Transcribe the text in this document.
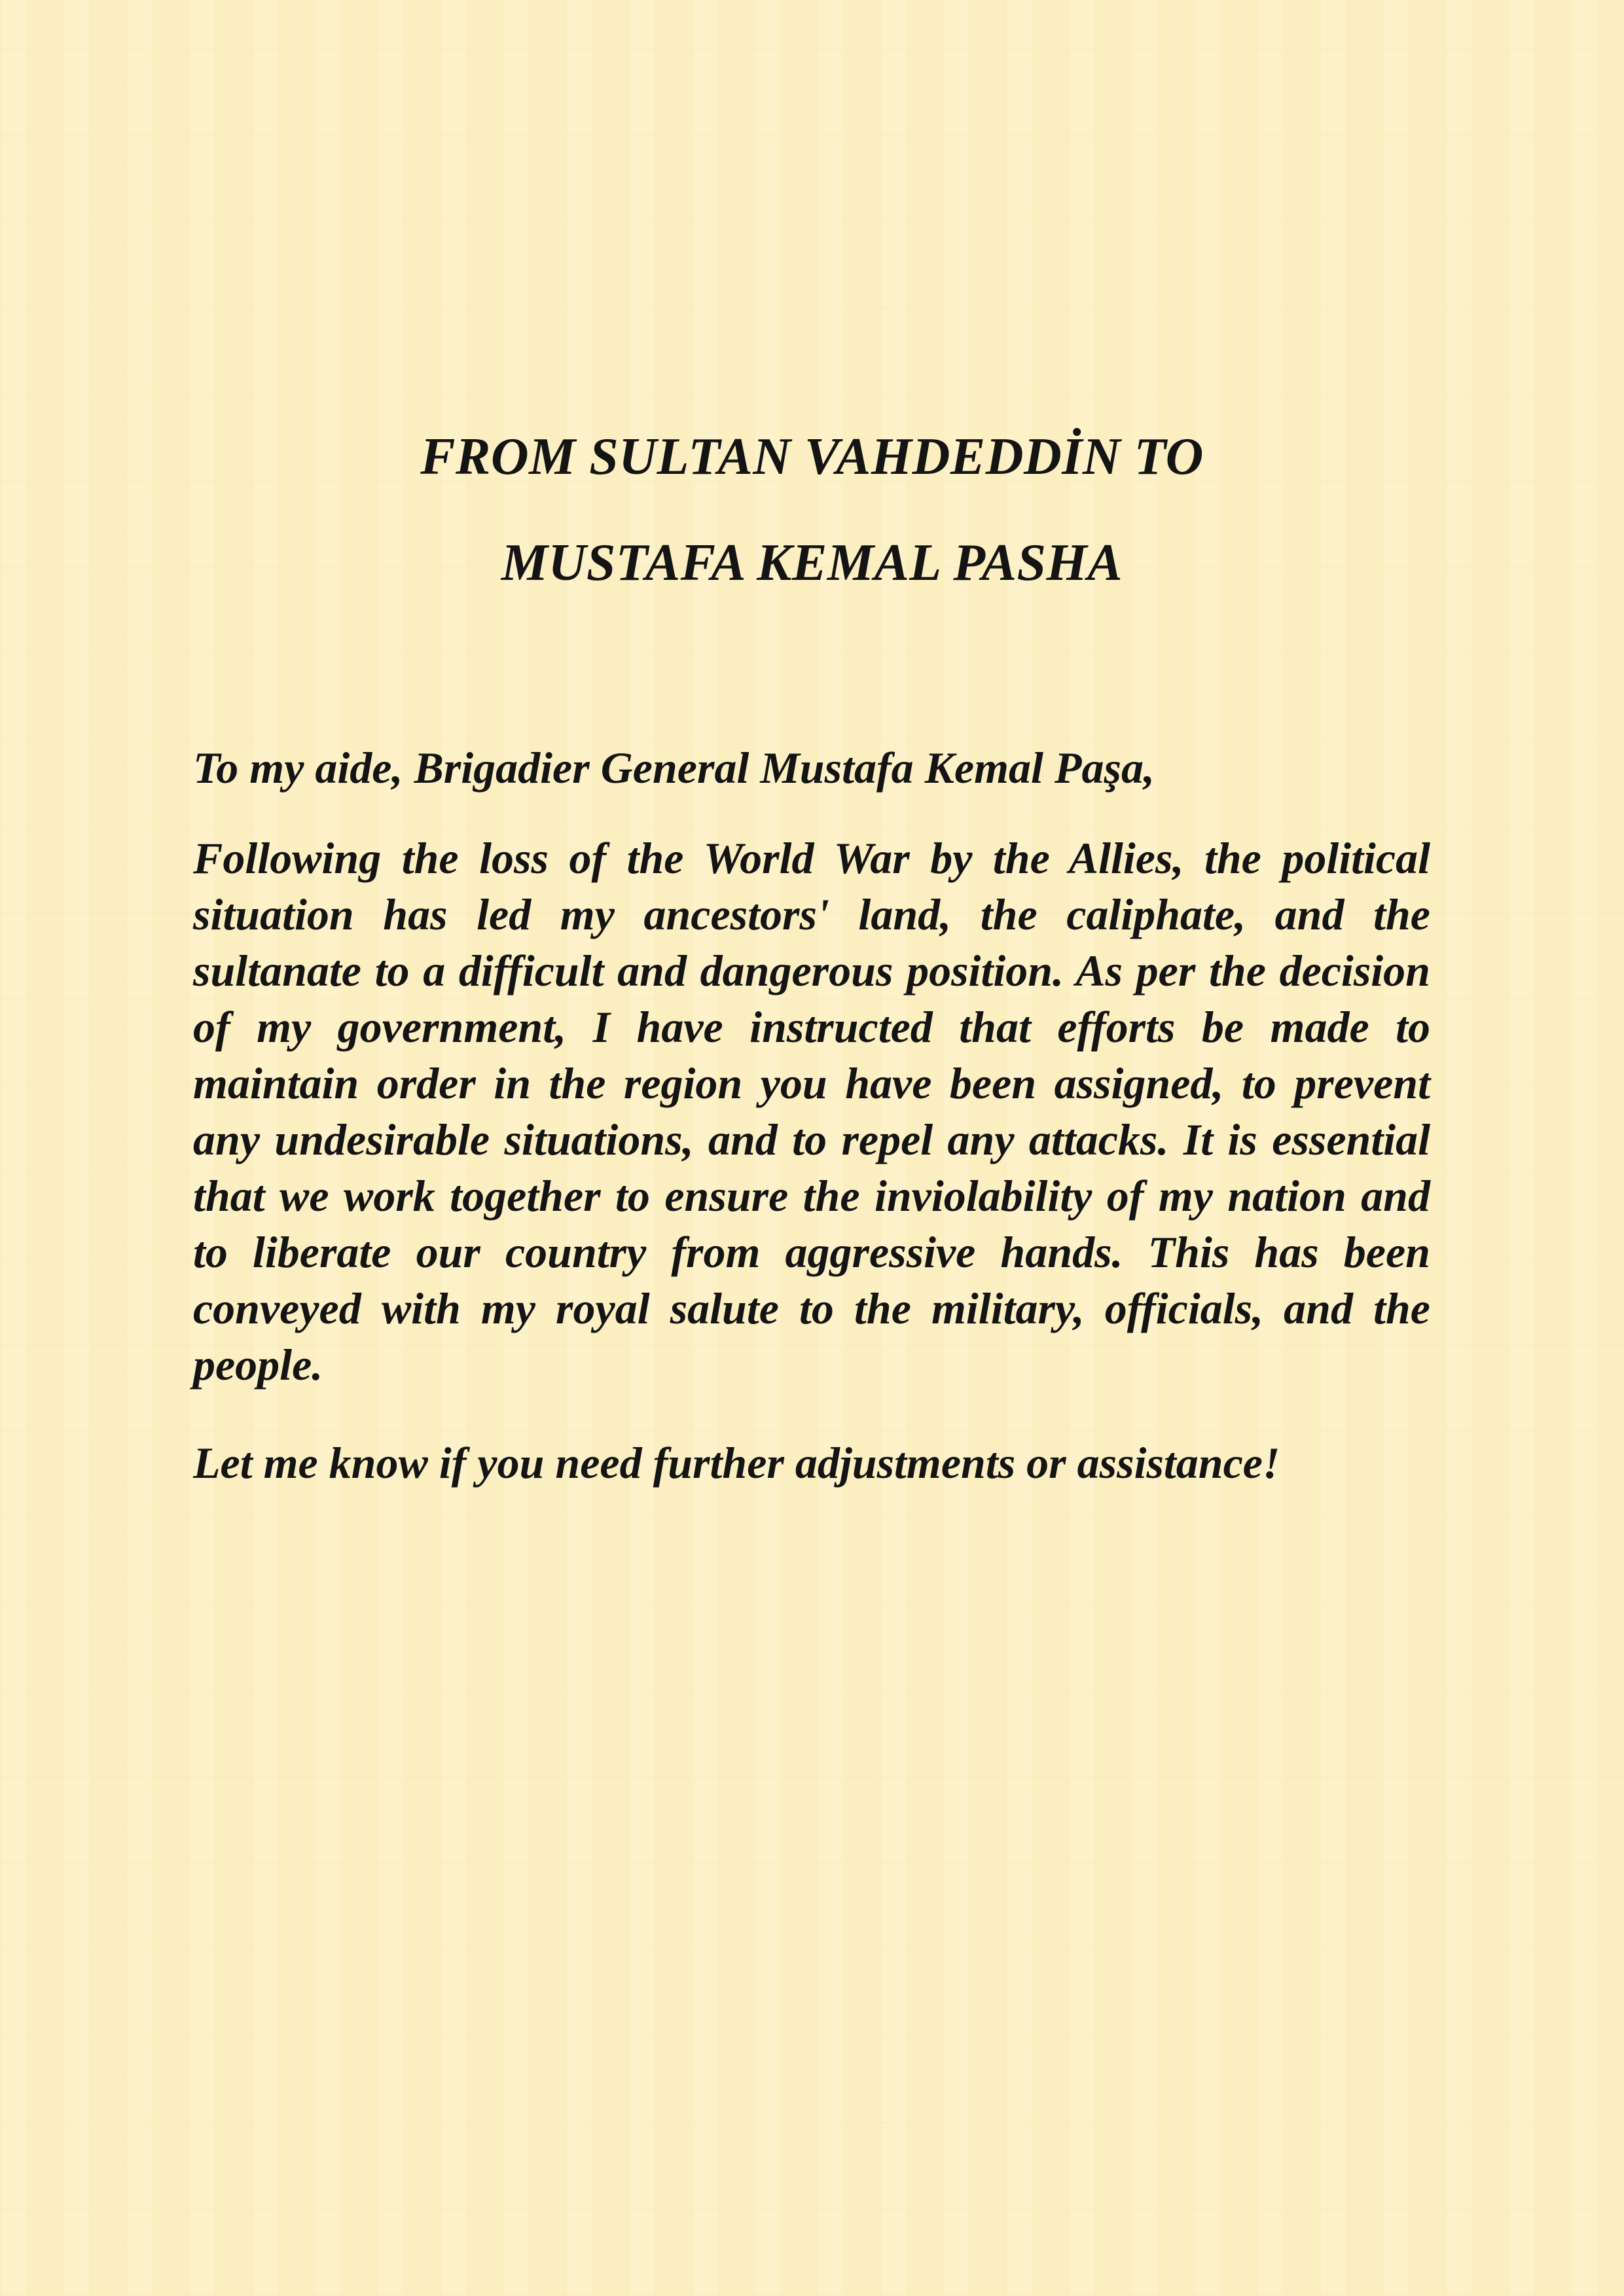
FROM SULTAN VAHDEDDİN TO
MUSTAFA KEMAL PASHA

To my aide, Brigadier General Mustafa Kemal Paşa,

Following the loss of the World War by the Allies, the political situation has led my ancestors' land, the caliphate, and the sultanate to a difficult and dangerous position. As per the decision of my government, I have instructed that efforts be made to maintain order in the region you have been assigned, to prevent any undesirable situations, and to repel any attacks. It is essential that we work together to ensure the inviolability of my nation and to liberate our country from aggressive hands. This has been conveyed with my royal salute to the military, officials, and the people.

Let me know if you need further adjustments or assistance!
